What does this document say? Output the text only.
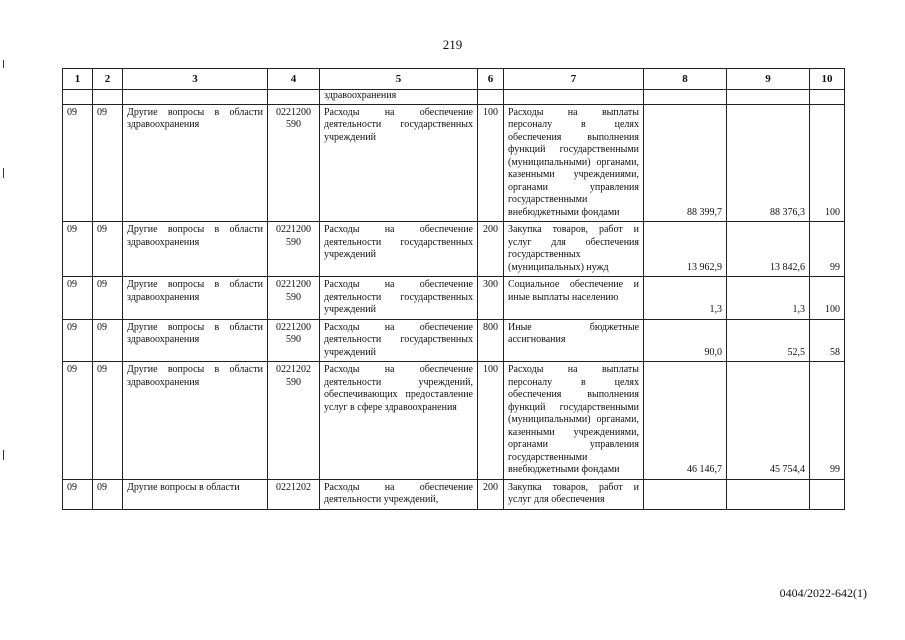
219
1	2	3	4	5	6	7	8	9	10
				здравоохранения					
09	09	Другие вопросы в области здравоохранения	0221200 590	Расходы на обеспечение деятельности государственных учреждений	100	Расходы на выплаты персоналу в целях обеспечения выполнения функций государственными (муниципальными) органами, казенными учреждениями, органами управления государственными внебюджетными фондами	88 399,7	88 376,3	100
09	09	Другие вопросы в области здравоохранения	0221200 590	Расходы на обеспечение деятельности государственных учреждений	200	Закупка товаров, работ и услуг для обеспечения государственных (муниципальных) нужд	13 962,9	13 842,6	99
09	09	Другие вопросы в области здравоохранения	0221200 590	Расходы на обеспечение деятельности государственных учреждений	300	Социальное обеспечение и иные выплаты населению	1,3	1,3	100
09	09	Другие вопросы в области здравоохранения	0221200 590	Расходы на обеспечение деятельности государственных учреждений	800	Иные бюджетные ассигнования	90,0	52,5	58
09	09	Другие вопросы в области здравоохранения	0221202 590	Расходы на обеспечение деятельности учреждений, обеспечивающих предоставление услуг в сфере здравоохранения	100	Расходы на выплаты персоналу в целях обеспечения выполнения функций государственными (муниципальными) органами, казенными учреждениями, органами управления государственными внебюджетными фондами	46 146,7	45 754,4	99
09	09	Другие вопросы в области	0221202	Расходы на обеспечение деятельности учреждений,	200	Закупка товаров, работ и услуг для обеспечения			
0404/2022-642(1)
